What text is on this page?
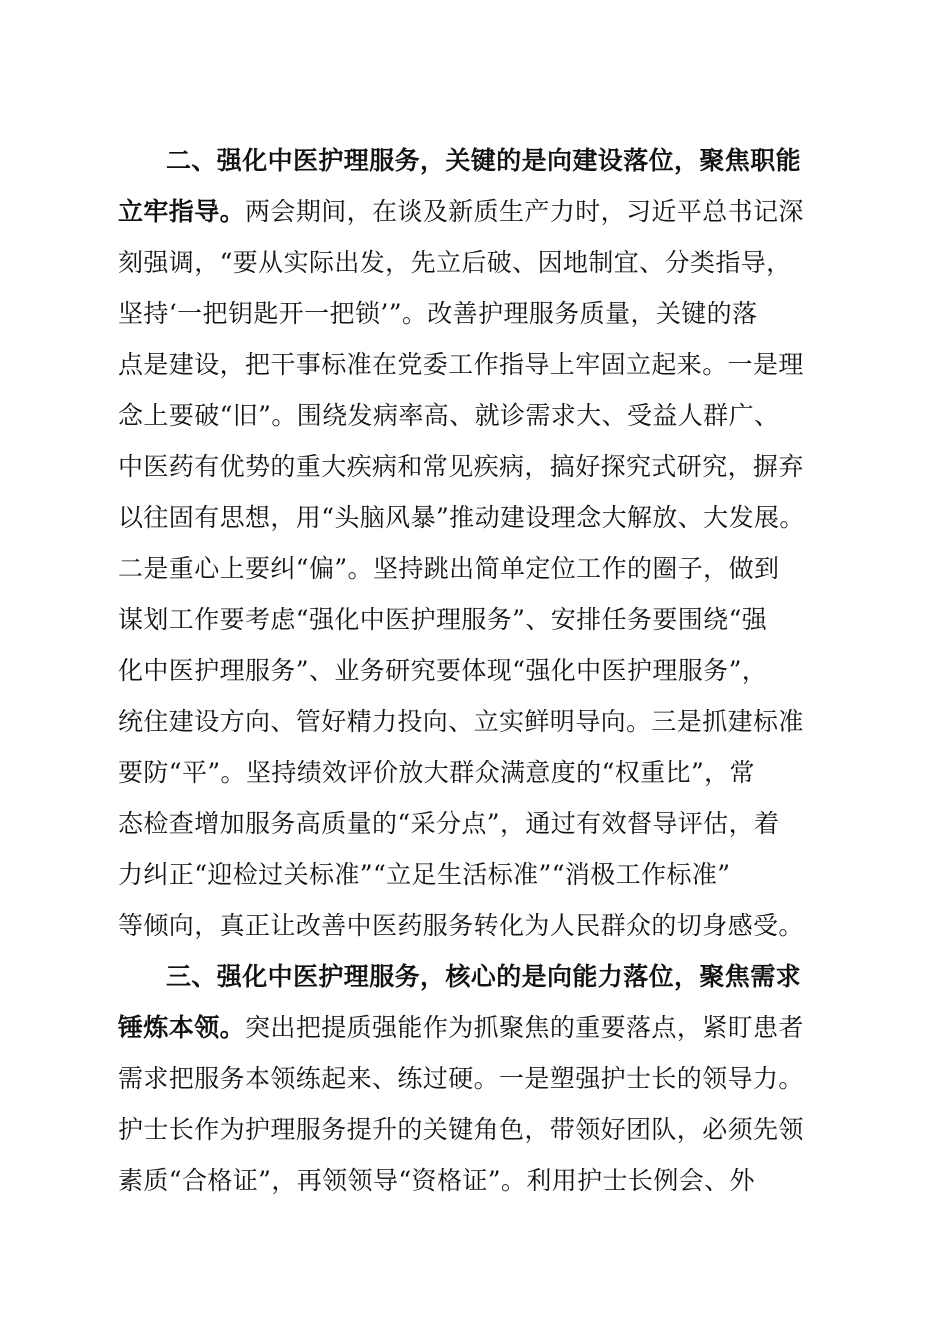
二、强化中医护理服务，关键的是向建设落位，聚焦职能
立牢指导。两会期间，在谈及新质生产力时，习近平总书记深
刻强调，“要从实际出发，先立后破、因地制宜、分类指导，
坚持‘一把钥匙开一把锁’”。改善护理服务质量，关键的落
点是建设，把干事标准在党委工作指导上牢固立起来。一是理
念上要破“旧”。围绕发病率高、就诊需求大、受益人群广、
中医药有优势的重大疾病和常见疾病，搞好探究式研究，摒弃
以往固有思想，用“头脑风暴”推动建设理念大解放、大发展。
二是重心上要纠“偏”。坚持跳出简单定位工作的圈子，做到
谋划工作要考虑“强化中医护理服务”、安排任务要围绕“强
化中医护理服务”、业务研究要体现“强化中医护理服务”，
统住建设方向、管好精力投向、立实鲜明导向。三是抓建标准
要防“平”。坚持绩效评价放大群众满意度的“权重比”，常
态检查增加服务高质量的“采分点”，通过有效督导评估，着
力纠正“迎检过关标准”“立足生活标准”“消极工作标准”
等倾向，真正让改善中医药服务转化为人民群众的切身感受。
三、强化中医护理服务，核心的是向能力落位，聚焦需求
锤炼本领。突出把提质强能作为抓聚焦的重要落点，紧盯患者
需求把服务本领练起来、练过硬。一是塑强护士长的领导力。
护士长作为护理服务提升的关键角色，带领好团队，必须先领
素质“合格证”，再领领导“资格证”。利用护士长例会、外
